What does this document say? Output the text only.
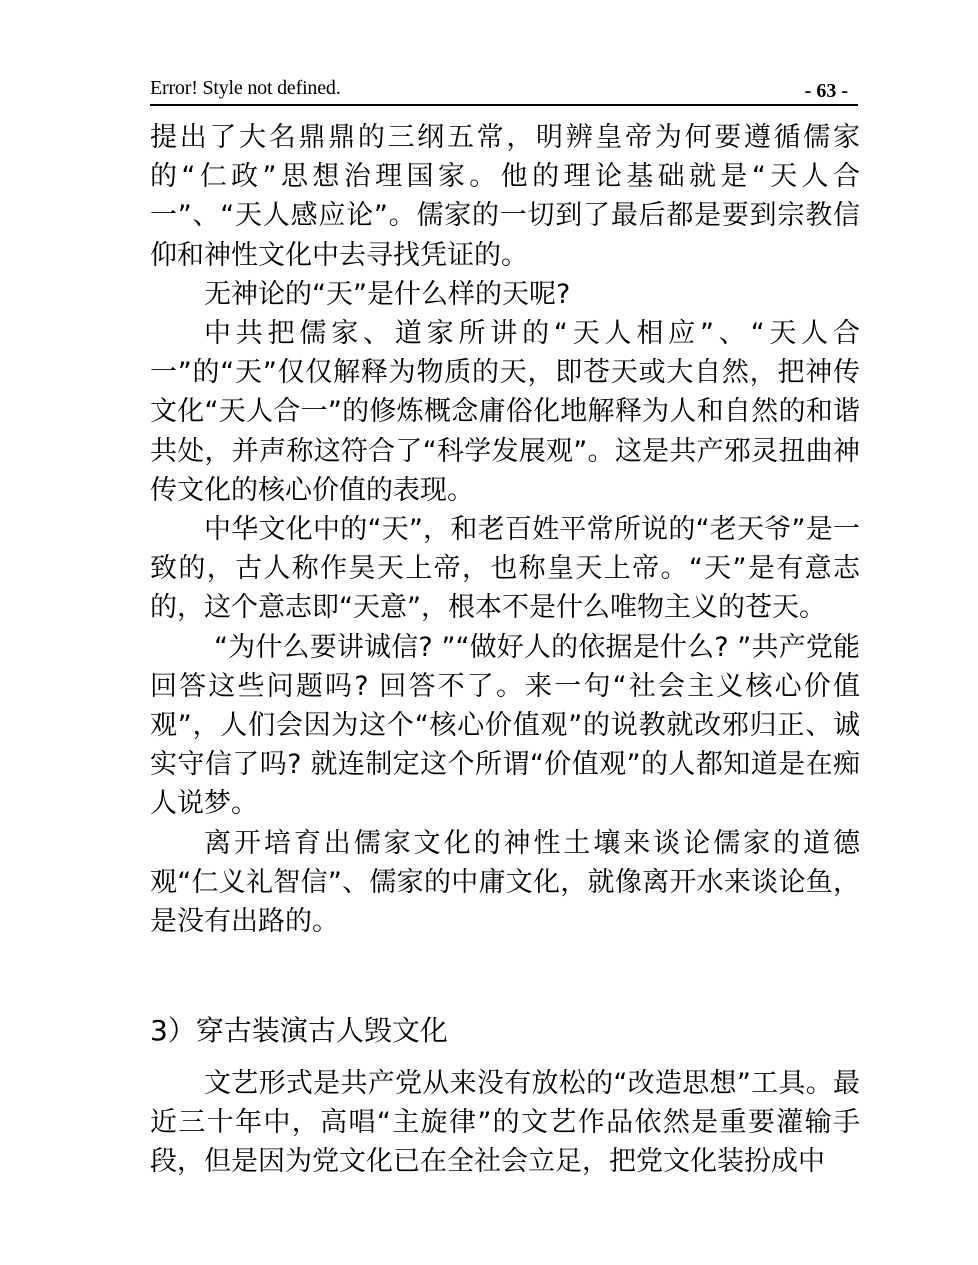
Error! Style not defined.	- 63 -

提出了大名鼎鼎的三纲五常，明辨皇帝为何要遵循儒家的“仁政”思想治理国家。他的理论基础就是“天人合一”、“天人感应论”。儒家的一切到了最后都是要到宗教信仰和神性文化中去寻找凭证的。

无神论的“天”是什么样的天呢?

中共把儒家、道家所讲的“天人相应”、“天人合一”的“天”仅仅解释为物质的天，即苍天或大自然，把神传文化“天人合一”的修炼概念庸俗化地解释为人和自然的和谐共处，并声称这符合了“科学发展观”。这是共产邪灵扭曲神传文化的核心价值的表现。

中华文化中的“天”，和老百姓平常所说的“老天爷”是一致的，古人称作昊天上帝，也称皇天上帝。“天”是有意志的，这个意志即“天意”，根本不是什么唯物主义的苍天。

“为什么要讲诚信? ”“做好人的依据是什么? ”共产党能回答这些问题吗? 回答不了。来一句“社会主义核心价值观”，人们会因为这个“核心价值观”的说教就改邪归正、诚实守信了吗? 就连制定这个所谓“价值观”的人都知道是在痴人说梦。

离开培育出儒家文化的神性土壤来谈论儒家的道德观“仁义礼智信”、儒家的中庸文化，就像离开水来谈论鱼，是没有出路的。

3）穿古装演古人毁文化

文艺形式是共产党从来没有放松的“改造思想”工具。最近三十年中，高唱“主旋律”的文艺作品依然是重要灌输手段，但是因为党文化已在全社会立足，把党文化装扮成中
